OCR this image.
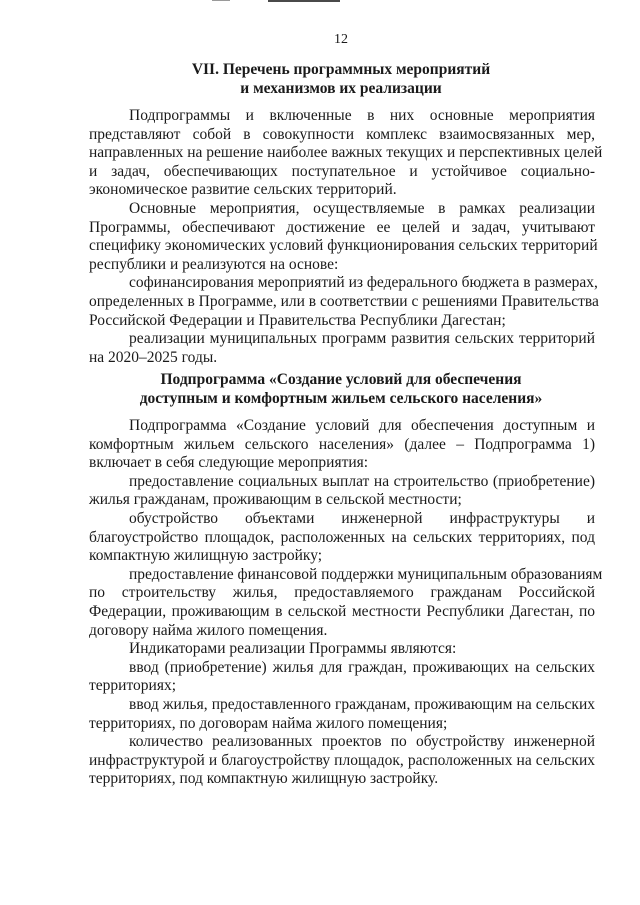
12
VII. Перечень программных мероприятий
и механизмов их реализации
Подпрограммы и включенные в них основные мероприятия
представляют собой в совокупности комплекс взаимосвязанных мер,
направленных на решение наиболее важных текущих и перспективных целей
и задач, обеспечивающих поступательное и устойчивое социально-
экономическое развитие сельских территорий.
Основные мероприятия, осуществляемые в рамках реализации
Программы, обеспечивают достижение ее целей и задач, учитывают
специфику экономических условий функционирования сельских территорий
республики и реализуются на основе:
софинансирования мероприятий из федерального бюджета в размерах,
определенных в Программе, или в соответствии с решениями Правительства
Российской Федерации и Правительства Республики Дагестан;
реализации муниципальных программ развития сельских территорий
на 2020–2025 годы.
Подпрограмма «Создание условий для обеспечения
доступным и комфортным жильем сельского населения»
Подпрограмма «Создание условий для обеспечения доступным и
комфортным жильем сельского населения» (далее – Подпрограмма 1)
включает в себя следующие мероприятия:
предоставление социальных выплат на строительство (приобретение)
жилья гражданам, проживающим в сельской местности;
обустройство объектами инженерной инфраструктуры и
благоустройство площадок, расположенных на сельских территориях, под
компактную жилищную застройку;
предоставление финансовой поддержки муниципальным образованиям
по строительству жилья, предоставляемого гражданам Российской
Федерации, проживающим в сельской местности Республики Дагестан, по
договору найма жилого помещения.
Индикаторами реализации Программы являются:
ввод (приобретение) жилья для граждан, проживающих на сельских
территориях;
ввод жилья, предоставленного гражданам, проживающим на сельских
территориях, по договорам найма жилого помещения;
количество реализованных проектов по обустройству инженерной
инфраструктурой и благоустройству площадок, расположенных на сельских
территориях, под компактную жилищную застройку.
